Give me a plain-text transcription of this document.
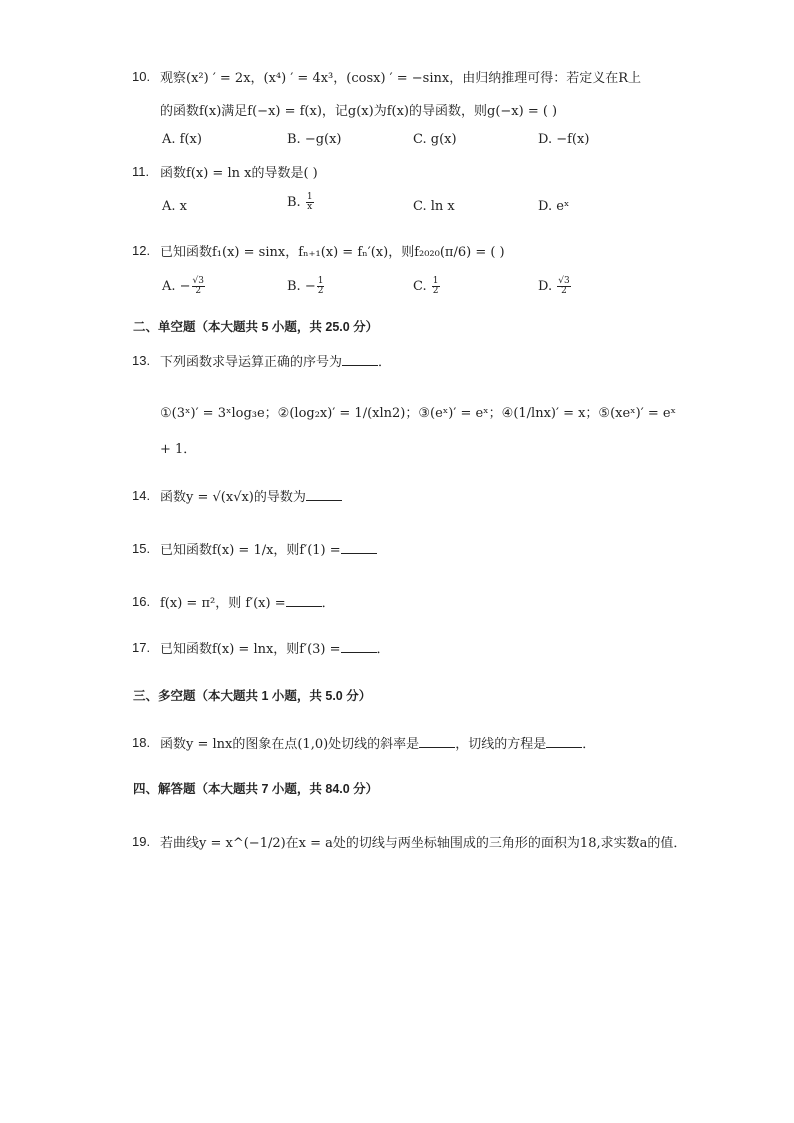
10. 观察(x²) ′ = 2x，(x⁴) ′ = 4x³，(cosx) ′ = −sinx，由归纳推理可得：若定义在R上
的函数f(x)满足f(−x) = f(x)，记g(x)为f(x)的导函数，则g(−x) = ( )
A. f(x)	B. −g(x)	C. g(x)	D. −f(x)
11. 函数f(x) = ln x的导数是( )
A. x	B. $\frac{1}{x}$	C. ln x	D. eˣ
12. 已知函数f₁(x) = sinx，fₙ₊₁(x) = fₙ′(x)，则f₂₀₂₀(π/6) = ( )
A. − $\frac{√3}{2}$	B. − $\frac{1}{2}$	C. $\frac{1}{2}$	D. $\frac{√3}{2}$
二、单空题（本大题共 5 小题，共 25.0 分）
13. 下列函数求导运算正确的序号为	．
①(3ˣ)′ = 3ˣlog₃e；②(log₂x)′ = 1/(xln2)；③(eˣ)′ = eˣ；④(1/lnx)′ = x；⑤(xeˣ)′ = eˣ
+ 1．
14. 函数y = √(x√x)的导数为
15. 已知函数f(x) = 1/x，则f′(1) =
16. f(x) = π²，则 f′(x) =	．
17. 已知函数f(x) = lnx，则f′(3) =	．
三、多空题（本大题共 1 小题，共 5.0 分）
18. 函数y = lnx的图象在点(1,0)处切线的斜率是	，切线的方程是	．
四、解答题（本大题共 7 小题，共 84.0 分）
19. 若曲线y = x^(−1/2)在x = a处的切线与两坐标轴围成的三角形的面积为18,求实数a的值．
